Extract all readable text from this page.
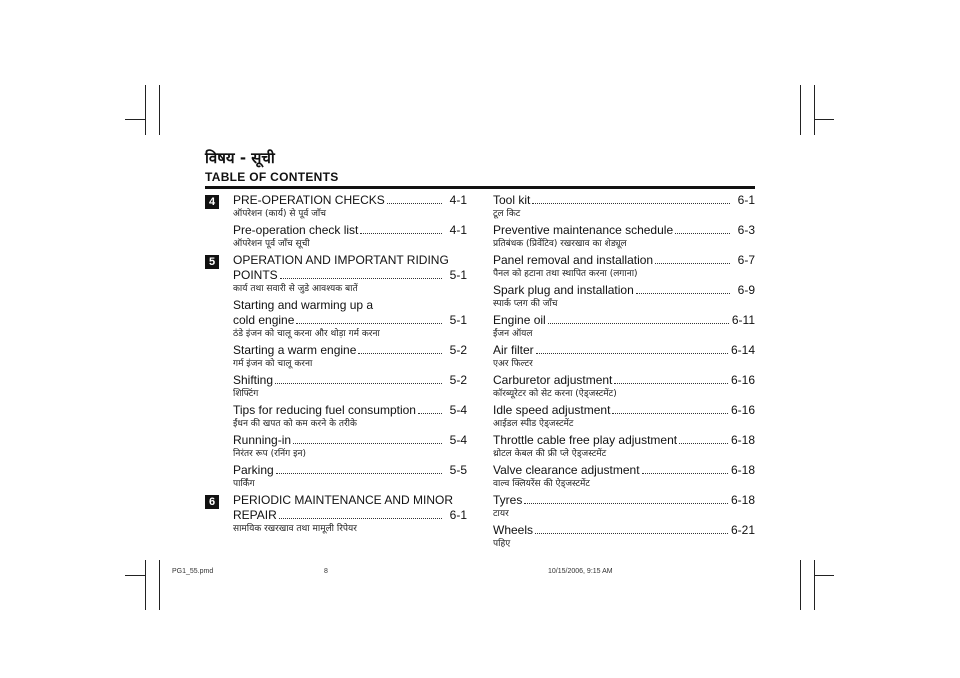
विषय - सूची
TABLE OF CONTENTS
4	PRE-OPERATION CHECKS	4-1
ऑपरेशन (कार्य) से पूर्व जाँच
Pre-operation check list	4-1
ऑपरेशन पूर्व जाँच सूची
5	OPERATION AND IMPORTANT RIDING
POINTS	5-1
कार्य तथा सवारी से जुडे आवश्यक बातें
Starting and warming up a
cold engine	5-1
ठंडे इंजन को चालू करना और थोड़ा गर्म करना
Starting a warm engine	5-2
गर्म इंजन को चालू करना
Shifting	5-2
शिफ्टिंग
Tips for reducing fuel consumption	5-4
ईंधन की खपत को कम करने के तरीके
Running-in	5-4
निरंतर रूप (रनिंग इन)
Parking	5-5
पार्किंग
6	PERIODIC MAINTENANCE AND MINOR
REPAIR	6-1
सामयिक रखरखाव तथा मामूली रिपेयर
Tool kit	6-1
टूल किट
Preventive maintenance schedule	6-3
प्रतिबंधक (प्रिवेंटिव) रखरखाव का शेड्यूल
Panel removal and installation	6-7
पैनल को हटाना तथा स्थापित करना (लगाना)
Spark plug and installation	6-9
स्पार्क प्लग की जाँच
Engine oil	6-11
ईंजन ऑयल
Air filter	6-14
एअर फिल्टर
Carburetor adjustment	6-16
कॉरब्यूरेटर को सेट करना (ऐड्जस्टमेंट)
Idle speed adjustment	6-16
आईडल स्पीड ऐड्जस्टमेंट
Throttle cable free play adjustment	6-18
थ्रोटल केबल की फ्री प्ले ऐड्जस्टमेंट
Valve clearance adjustment	6-18
वाल्व क्लियरेंस की ऐड्जस्टमेंट
Tyres	6-18
टायर
Wheels	6-21
पहिए
PG1_55.pmd	8	10/15/2006, 9:15 AM
